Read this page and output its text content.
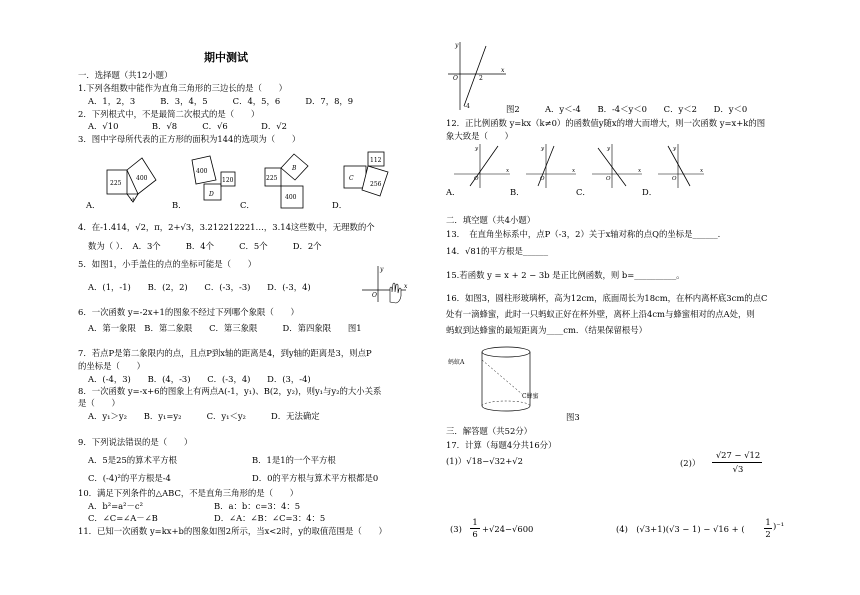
期中测试
一．选择题（共12小题）
1.下列各组数中能作为直角三角形的三边长的是（　　）
A．1，2，3　　　B．3，4，5　　　C．4，5，6　　　D．7，8，9
2．下列根式中，不是最简二次根式的是（　　）
A．√10　　　　B．√8　　　C．√6　　　　D．√2
3．图中字母所代表的正方形的面积为144的选项为（　　）
225
400
A
400
D
120	225
B
400
112
C
256
A．	B．	C．	D．
4．在-1.414，√2，π，2+√3，3.212212221…，3.14这些数中，无理数的个
数为（ ）．　A．3个　　　B．4个　　　C．5个　　　D．2个
5．如图1，小手盖住的点的坐标可能是（　　）
A．(1，-1)　　B．(2，2)　　C．(-3，-3)　　D．(-3，4)
y
x
O
6．一次函数 y=-2x+1的图象不经过下列哪个象限（　　）
A．第一象限　B．第二象限　　C．第三象限　　　D．第四象限　　图1
7．若点P是第二象限内的点，且点P到x轴的距离是4，到y轴的距离是3，则点P
的坐标是（　　）
A．(-4，3)　　B．(4，-3)　　C．(-3，4)　　D．(3，-4)
8．一次函数 y=-x+6的图象上有两点A(-1，y₁)、B(2，y₂)，则y₁与y₂的大小关系
是（　　）
A．y₁＞y₂　　B．y₁=y₂　　　C．y₁＜y₂　　　D．无法确定
9．下列说法错误的是（　　）
A．5是25的算术平方根	B．1是1的一个平方根
C．(-4)²的平方根是-4	D．0的平方根与算术平方根都是0
10．满足下列条件的△ABC，不是直角三角形的是（　　）
A．b²=a²－c²	B．a：b：c=3：4：5
C．∠C=∠A－∠B	D．∠A：∠B：∠C=3：4：5
11．已知一次函数 y=kx+b的图象如图2所示，当x<2时，y的取值范围是（　　）
y
x
O	2
-4	图2	A．y＜-4　　B．-4＜y＜0　　C．y＜2　　D．y＜0
12．正比例函数 y=kx（k≠0）的函数值y随x的增大而增大，则一次函数 y=x+k的图
象大致是（　　）
y
x
O
y
x
O
y
x
O
y
x
O
A．	B．	C．	D．
二．填空题（共4小题）
13．　在直角坐标系中，点P（-3，2）关于x轴对称的点Q的坐标是______.
14．√81的平方根是______
15.若函数 y = x + 2 − 3b 是正比例函数，则 b=__________。
16．如图3，圆柱形玻璃杯，高为12cm，底面周长为18cm，在杯内离杯底3cm的点C
处有一滴蜂蜜，此时一只蚂蚁正好在杯外壁，离杯上沿4cm与蜂蜜相对的点A处，则
蚂蚁到达蜂蜜的最短距离为____cm．（结果保留根号）
蚂蚁A
C蜂蜜
图3
三．解答题（共52分）
17．计算（每题4分共16分）
(1)）√18−√32+√2	(2)）
√27 − √12
√3
(3)
1
6 +√24−√600	(4)　(√3+1)(√3 − 1) − √16 + (
1
2
)⁻¹
